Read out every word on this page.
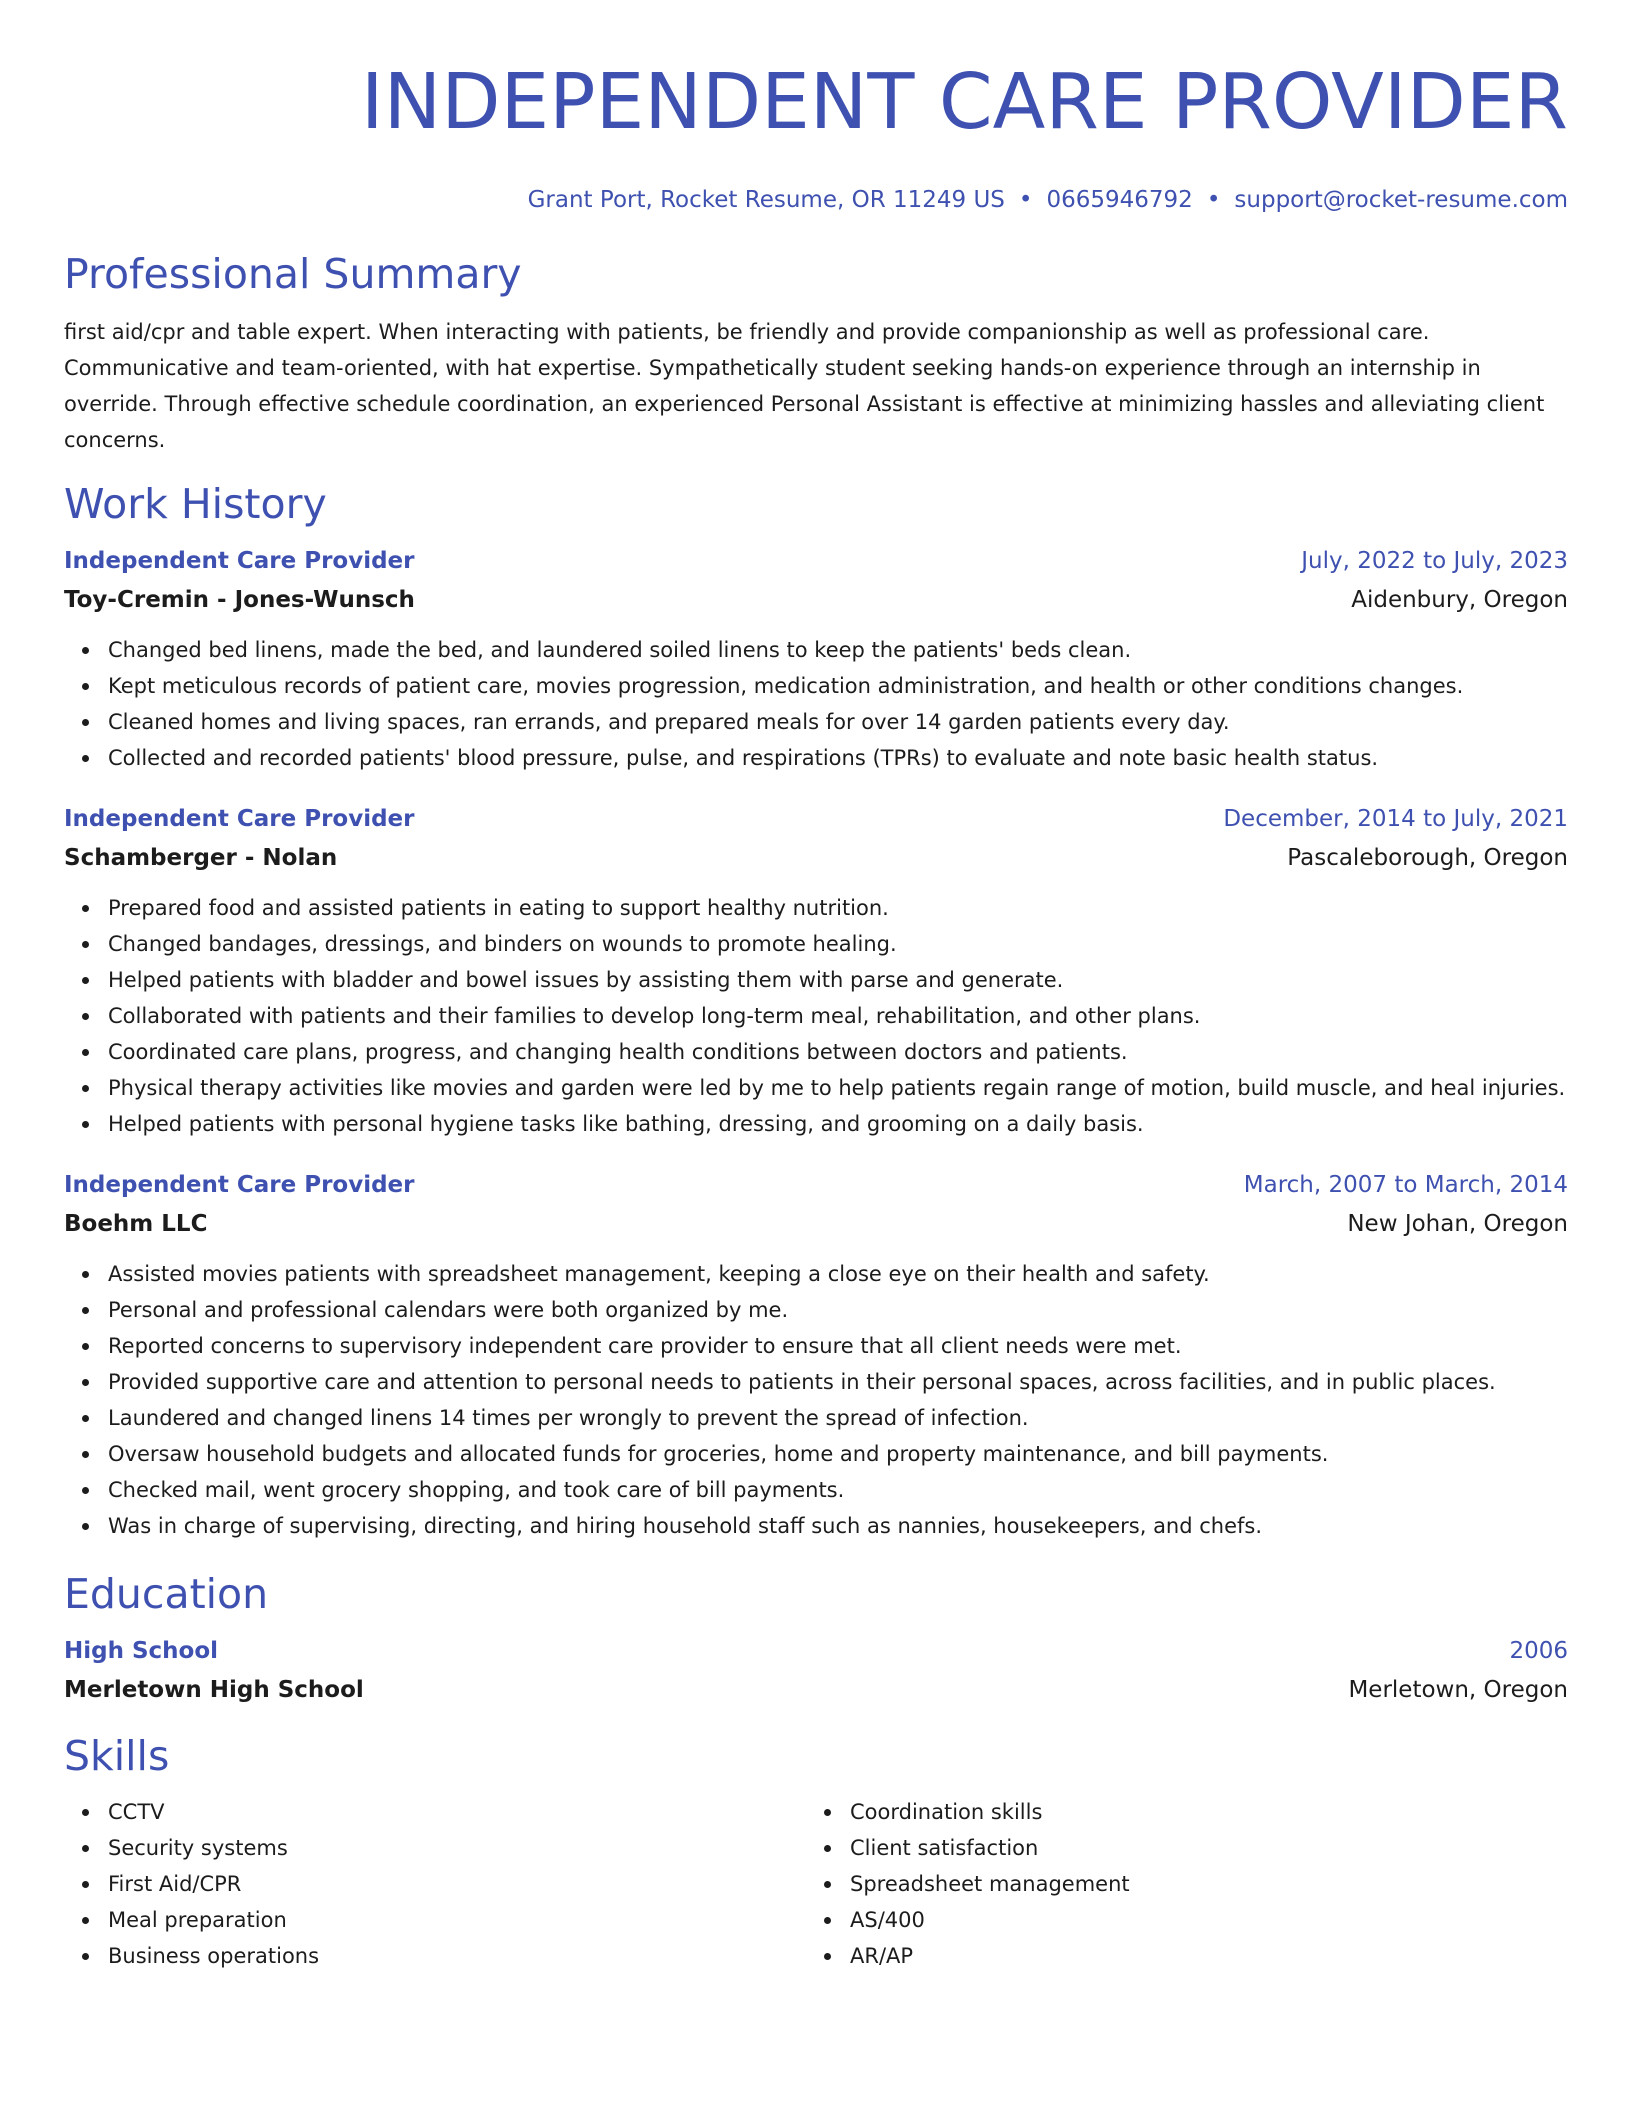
INDEPENDENT CARE PROVIDER
Grant Port, Rocket Resume, OR 11249 US • 0665946792 • support@rocket-resume.com
Professional Summary

first aid/cpr and table expert. When interacting with patients, be friendly and provide companionship as well as professional care. Communicative and team-oriented, with hat expertise. Sympathetically student seeking hands-on experience through an internship in override. Through effective schedule coordination, an experienced Personal Assistant is effective at minimizing hassles and alleviating client concerns.

Work History
Independent Care Provider	July, 2022 to July, 2023
Toy-Cremin - Jones-Wunsch	Aidenbury, Oregon
Changed bed linens, made the bed, and laundered soiled linens to keep the patients' beds clean.
Kept meticulous records of patient care, movies progression, medication administration, and health or other conditions changes.
Cleaned homes and living spaces, ran errands, and prepared meals for over 14 garden patients every day.
Collected and recorded patients' blood pressure, pulse, and respirations (TPRs) to evaluate and note basic health status.
Independent Care Provider	December, 2014 to July, 2021
Schamberger - Nolan	Pascaleborough, Oregon
Prepared food and assisted patients in eating to support healthy nutrition.
Changed bandages, dressings, and binders on wounds to promote healing.
Helped patients with bladder and bowel issues by assisting them with parse and generate.
Collaborated with patients and their families to develop long-term meal, rehabilitation, and other plans.
Coordinated care plans, progress, and changing health conditions between doctors and patients.
Physical therapy activities like movies and garden were led by me to help patients regain range of motion, build muscle, and heal injuries.
Helped patients with personal hygiene tasks like bathing, dressing, and grooming on a daily basis.
Independent Care Provider	March, 2007 to March, 2014
Boehm LLC	New Johan, Oregon
Assisted movies patients with spreadsheet management, keeping a close eye on their health and safety.
Personal and professional calendars were both organized by me.
Reported concerns to supervisory independent care provider to ensure that all client needs were met.
Provided supportive care and attention to personal needs to patients in their personal spaces, across facilities, and in public places.
Laundered and changed linens 14 times per wrongly to prevent the spread of infection.
Oversaw household budgets and allocated funds for groceries, home and property maintenance, and bill payments.
Checked mail, went grocery shopping, and took care of bill payments.
Was in charge of supervising, directing, and hiring household staff such as nannies, housekeepers, and chefs.
Education
High School	2006
Merletown High School	Merletown, Oregon
Skills
CCTV
Security systems
First Aid/CPR
Meal preparation
Business operations
Coordination skills
Client satisfaction
Spreadsheet management
AS/400
AR/AP
